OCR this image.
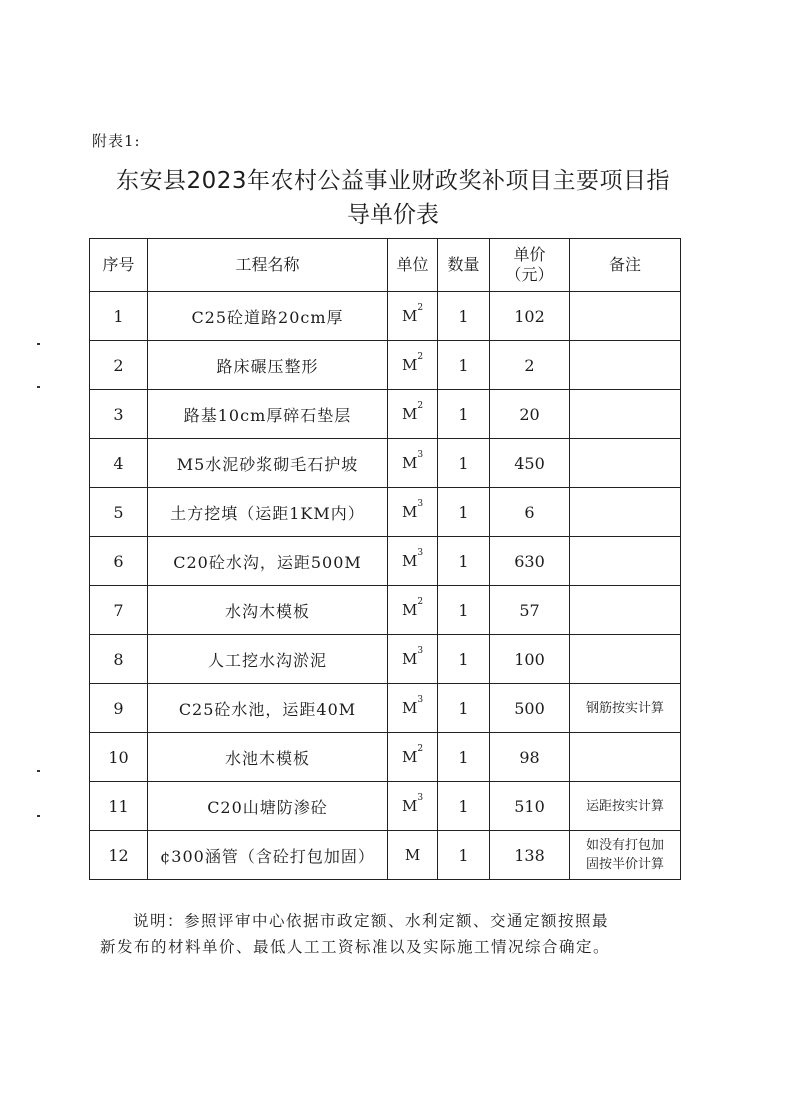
附表1:
东安县2023年农村公益事业财政奖补项目主要项目指
导单价表
序号	工程名称	单位	数量	单价
（元）	备注
1	C25砼道路20cm厚	$M^2$	1	102	

2	路床碾压整形	$M^2$	1	2	

3	路基10cm厚碎石垫层	$M^2$	1	20	

4	M5水泥砂浆砌毛石护坡	$M^3$	1	450	

5	土方挖填（运距1KM内）	$M^3$	1	6	

6	C20砼水沟，运距500M	$M^3$	1	630	

7	水沟木模板	$M^2$	1	57	

8	人工挖水沟淤泥	$M^3$	1	100	

9	C25砼水池，运距40M	$M^3$	1	500	钢筋按实计算

10	水池木模板	$M^2$	1	98	

11	C20山塘防渗砼	$M^3$	1	510	运距按实计算

12	¢300涵管（含砼打包加固）	M	1	138	如没有打包加
固按半价计算
说明：参照评审中心依据市政定额、水利定额、交通定额按照最
新发布的材料单价、最低人工工资标准以及实际施工情况综合确定。
